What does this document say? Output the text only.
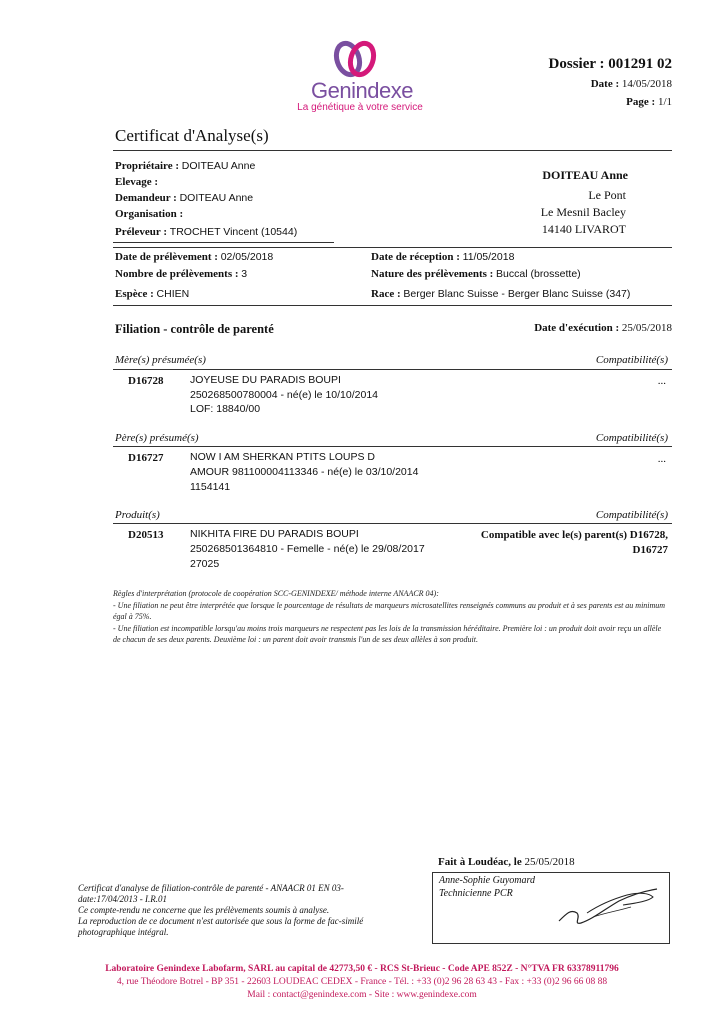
Genindexe
La génétique à votre service
Dossier : 001291 02
Date : 14/05/2018
Page : 1/1
Certificat d'Analyse(s)
Propriétaire : DOITEAU Anne
Elevage :
Demandeur : DOITEAU Anne
Organisation :
Préleveur : TROCHET Vincent (10544)
DOITEAU Anne
Le Pont
Le Mesnil Bacley
14140 LIVAROT
Date de prélèvement : 02/05/2018	Date de réception : 11/05/2018
Nombre de prélèvements : 3	Nature des prélèvements : Buccal (brossette)
Espèce : CHIEN	Race : Berger Blanc Suisse - Berger Blanc Suisse (347)
Filiation - contrôle de parenté	Date d'exécution : 25/05/2018
Mère(s) présumée(s)	Compatibilité(s)
D16728	JOYEUSE DU PARADIS BOUPI
250268500780004 - né(e) le 10/10/2014
LOF: 18840/00
...
Père(s) présumé(s)	Compatibilité(s)
D16727	NOW I AM SHERKAN PTITS LOUPS D
AMOUR 981100004113346 - né(e) le 03/10/2014
1154141
...
Produit(s)	Compatibilité(s)
D20513	NIKHITA FIRE DU PARADIS BOUPI
250268501364810 - Femelle - né(e) le 29/08/2017
27025
Compatible avec le(s) parent(s) D16728,
D16727
Règles d'interprétation (protocole de coopération SCC-GENINDEXE/ méthode interne ANAACR 04):
- Une filiation ne peut être interprétée que lorsque le pourcentage de résultats de marqueurs microsatellites renseignés communs au produit et à ses parents est au minimum égal à 75%.
- Une filiation est incompatible lorsqu'au moins trois marqueurs ne respectent pas les lois de la transmission héréditaire. Première loi : un produit doit avoir reçu un allèle de chacun de ses deux parents. Deuxième loi : un parent doit avoir transmis l'un de ses deux allèles à son produit.
Fait à Loudéac, le 25/05/2018
Anne-Sophie Guyomard
Technicienne PCR
Certificat d'analyse de filiation-contrôle de parenté - ANAACR 01 EN 03-
date:17/04/2013 - I.R.01
Ce compte-rendu ne concerne que les prélèvements soumis à analyse.
La reproduction de ce document n'est autorisée que sous la forme de fac-similé
photographique intégral.
Laboratoire Genindexe Labofarm, SARL au capital de 42773,50 € - RCS St-Brieuc - Code APE 852Z - N°TVA FR 63378911796
4, rue Théodore Botrel - BP 351 - 22603 LOUDEAC CEDEX - France - Tél. : +33 (0)2 96 28 63 43 - Fax : +33 (0)2 96 66 08 88
Mail : contact@genindexe.com - Site : www.genindexe.com
